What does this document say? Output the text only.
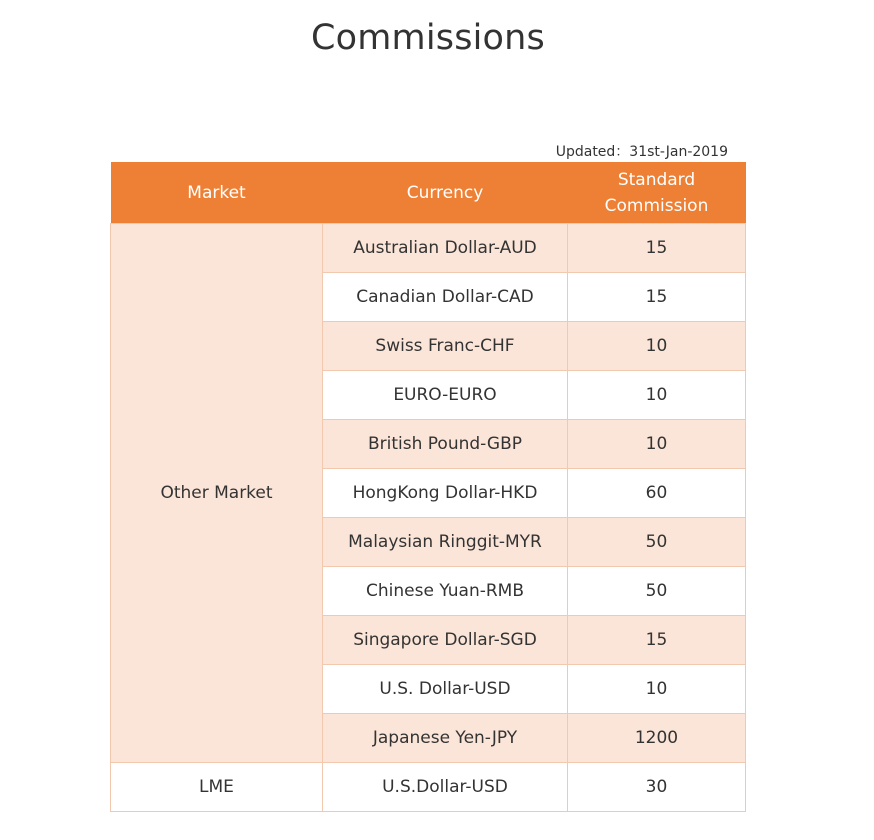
Commissions
Updated：31st-Jan-2019
Market	Currency	Standard Commission
Other Market	Australian Dollar-AUD	15
	Canadian Dollar-CAD	15
	Swiss Franc-CHF	10
	EURO-EURO	10
	British Pound-GBP	10
	HongKong Dollar-HKD	60
	Malaysian Ringgit-MYR	50
	Chinese Yuan-RMB	50
	Singapore Dollar-SGD	15
	U.S. Dollar-USD	10
	Japanese Yen-JPY	1200
LME	U.S.Dollar-USD	30
